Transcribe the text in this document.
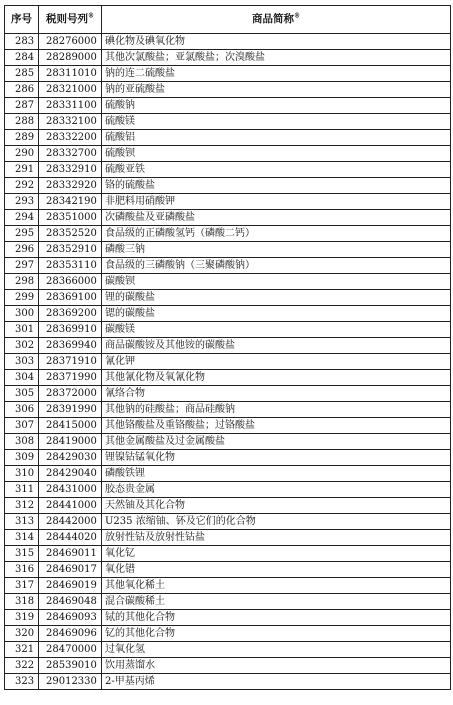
序号	税则号列®	商品简称®
283	28276000	碘化物及碘氧化物
284	28289000	其他次氯酸盐；亚氯酸盐；次溴酸盐
285	28311010	钠的连二硫酸盐
286	28321000	钠的亚硫酸盐
287	28331100	硫酸钠
288	28332100	硫酸镁
289	28332200	硫酸铝
290	28332700	硫酸钡
291	28332910	硫酸亚铁
292	28332920	铬的硫酸盐
293	28342190	非肥料用硝酸钾
294	28351000	次磷酸盐及亚磷酸盐
295	28352520	食品级的正磷酸氢钙（磷酸二钙）
296	28352910	磷酸三钠
297	28353110	食品级的三磷酸钠（三聚磷酸钠）
298	28366000	碳酸钡
299	28369100	锂的碳酸盐
300	28369200	锶的碳酸盐
301	28369910	碳酸镁
302	28369940	商品碳酸铵及其他铵的碳酸盐
303	28371910	氰化钾
304	28371990	其他氰化物及氧氰化物
305	28372000	氰络合物
306	28391990	其他钠的硅酸盐；商品硅酸钠
307	28415000	其他铬酸盐及重铬酸盐；过铬酸盐
308	28419000	其他金属酸盐及过金属酸盐
309	28429030	锂镍钴锰氧化物
310	28429040	磷酸铁锂
311	28431000	胶态贵金属
312	28441000	天然铀及其化合物
313	28442000	U235 浓缩铀、钚及它们的化合物
314	28444020	放射性钴及放射性钴盐
315	28469011	氧化钇
316	28469017	氧化镨
317	28469019	其他氧化稀土
318	28469048	混合碳酸稀土
319	28469093	铽的其他化合物
320	28469096	钇的其他化合物
321	28470000	过氧化氢
322	28539010	饮用蒸馏水
323	29012330	2-甲基丙烯
